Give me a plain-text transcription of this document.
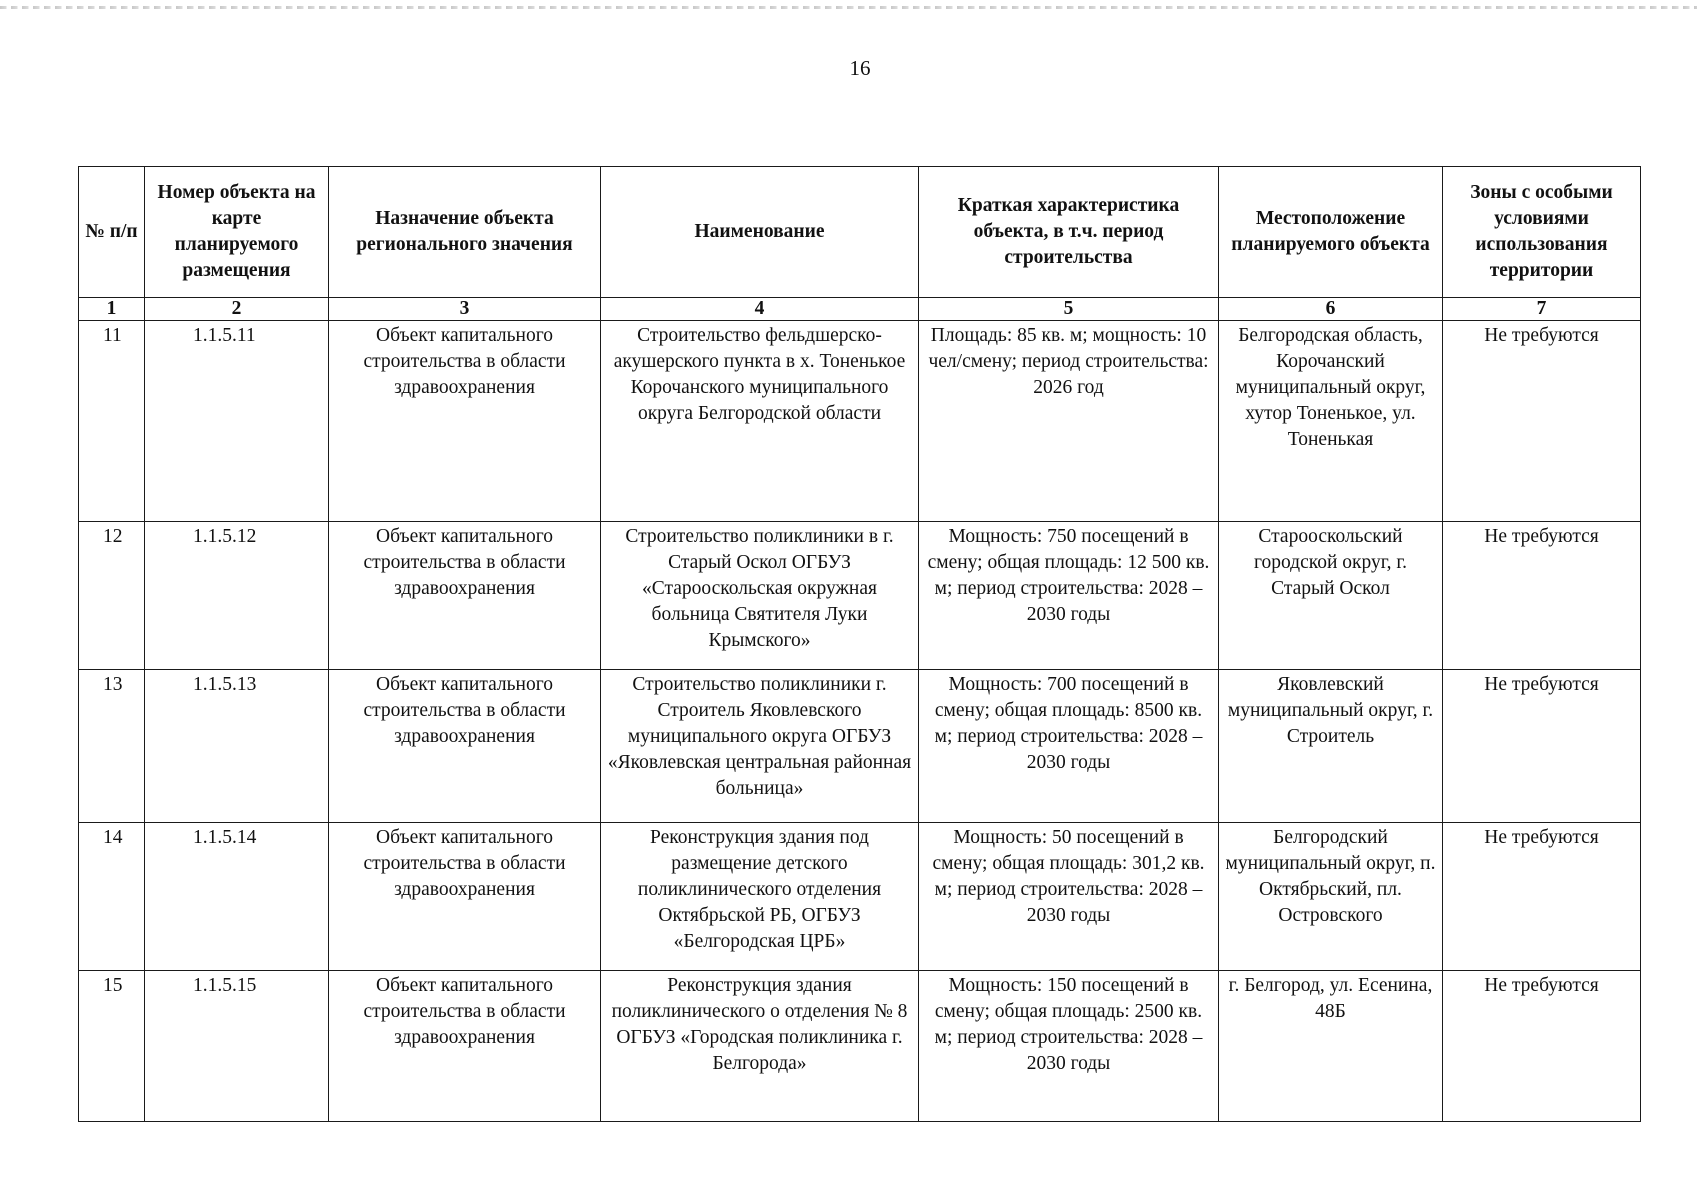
16
№ п/п	Номер объекта на карте планируемого размещения	Назначение объекта регионального значения	Наименование	Краткая характеристика объекта, в т.ч. период строительства	Местоположение планируемого объекта	Зоны с особыми условиями использования территории
1	2	3	4	5	6	7
11	1.1.5.11	Объект капитального строительства в области здравоохранения	Строительство фельдшерско-акушерского пункта в х. Тоненькое Корочанского муниципального округа Белгородской области	Площадь: 85 кв. м; мощность: 10 чел/смену; период строительства: 2026 год	Белгородская область, Корочанский муниципальный округ, хутор Тоненькое, ул. Тоненькая	Не требуются
12	1.1.5.12	Объект капитального строительства в области здравоохранения	Строительство поликлиники в г. Старый Оскол ОГБУЗ «Старооскольская окружная больница Святителя Луки Крымского»	Мощность: 750 посещений в смену; общая площадь: 12 500 кв. м; период строительства: 2028 – 2030 годы	Старооскольский городской округ, г. Старый Оскол	Не требуются
13	1.1.5.13	Объект капитального строительства в области здравоохранения	Строительство поликлиники г. Строитель Яковлевского муниципального округа ОГБУЗ «Яковлевская центральная районная больница»	Мощность: 700 посещений в смену; общая площадь: 8500 кв. м; период строительства: 2028 – 2030 годы	Яковлевский муниципальный округ, г. Строитель	Не требуются
14	1.1.5.14	Объект капитального строительства в области здравоохранения	Реконструкция здания под размещение детского поликлинического отделения Октябрьской РБ, ОГБУЗ «Белгородская ЦРБ»	Мощность: 50 посещений в смену; общая площадь: 301,2 кв. м; период строительства: 2028 – 2030 годы	Белгородский муниципальный округ, п. Октябрьский, пл. Островского	Не требуются
15	1.1.5.15	Объект капитального строительства в области здравоохранения	Реконструкция здания поликлинического о отделения № 8 ОГБУЗ «Городская поликлиника г. Белгорода»	Мощность: 150 посещений в смену; общая площадь: 2500 кв. м; период строительства: 2028 – 2030 годы	г. Белгород, ул. Есенина, 48Б	Не требуются
